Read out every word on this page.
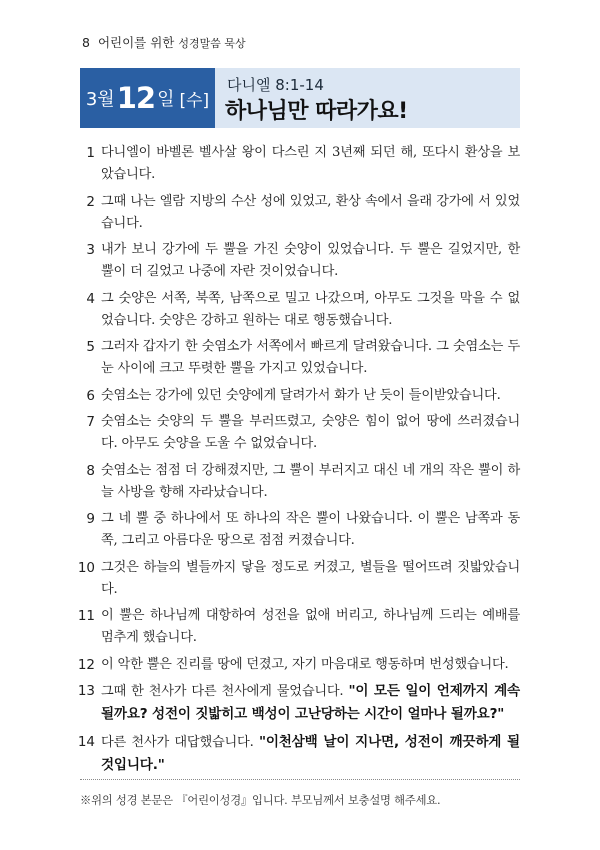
8 어린이를 위한 성경말씀 묵상
3월 12 일 [수]
다니엘 8:1-14
하나님만 따라가요!
1 다니엘이 바벨론 벨사살 왕이 다스린 지 3년째 되던 해, 또다시 환상을 보았습니다.
2 그때 나는 엘람 지방의 수산 성에 있었고, 환상 속에서 을래 강가에 서 있었습니다.
3 내가 보니 강가에 두 뿔을 가진 숫양이 있었습니다. 두 뿔은 길었지만, 한 뿔이 더 길었고 나중에 자란 것이었습니다.
4 그 숫양은 서쪽, 북쪽, 남쪽으로 밀고 나갔으며, 아무도 그것을 막을 수 없었습니다. 숫양은 강하고 원하는 대로 행동했습니다.
5 그러자 갑자기 한 숫염소가 서쪽에서 빠르게 달려왔습니다. 그 숫염소는 두 눈 사이에 크고 뚜렷한 뿔을 가지고 있었습니다.
6 숫염소는 강가에 있던 숫양에게 달려가서 화가 난 듯이 들이받았습니다.
7 숫염소는 숫양의 두 뿔을 부러뜨렸고, 숫양은 힘이 없어 땅에 쓰러졌습니다. 아무도 숫양을 도울 수 없었습니다.
8 숫염소는 점점 더 강해졌지만, 그 뿔이 부러지고 대신 네 개의 작은 뿔이 하늘 사방을 향해 자라났습니다.
9 그 네 뿔 중 하나에서 또 하나의 작은 뿔이 나왔습니다. 이 뿔은 남쪽과 동쪽, 그리고 아름다운 땅으로 점점 커졌습니다.
10 그것은 하늘의 별들까지 닿을 정도로 커졌고, 별들을 떨어뜨려 짓밟았습니다.
11 이 뿔은 하나님께 대항하여 성전을 없애 버리고, 하나님께 드리는 예배를 멈추게 했습니다.
12 이 악한 뿔은 진리를 땅에 던졌고, 자기 마음대로 행동하며 번성했습니다.
13 그때 한 천사가 다른 천사에게 물었습니다. "이 모든 일이 언제까지 계속될까요? 성전이 짓밟히고 백성이 고난당하는 시간이 얼마나 될까요?"
14 다른 천사가 대답했습니다. "이천삼백 날이 지나면, 성전이 깨끗하게 될 것입니다."
※위의 성경 본문은 『어린이성경』입니다. 부모님께서 보충설명 해주세요.
